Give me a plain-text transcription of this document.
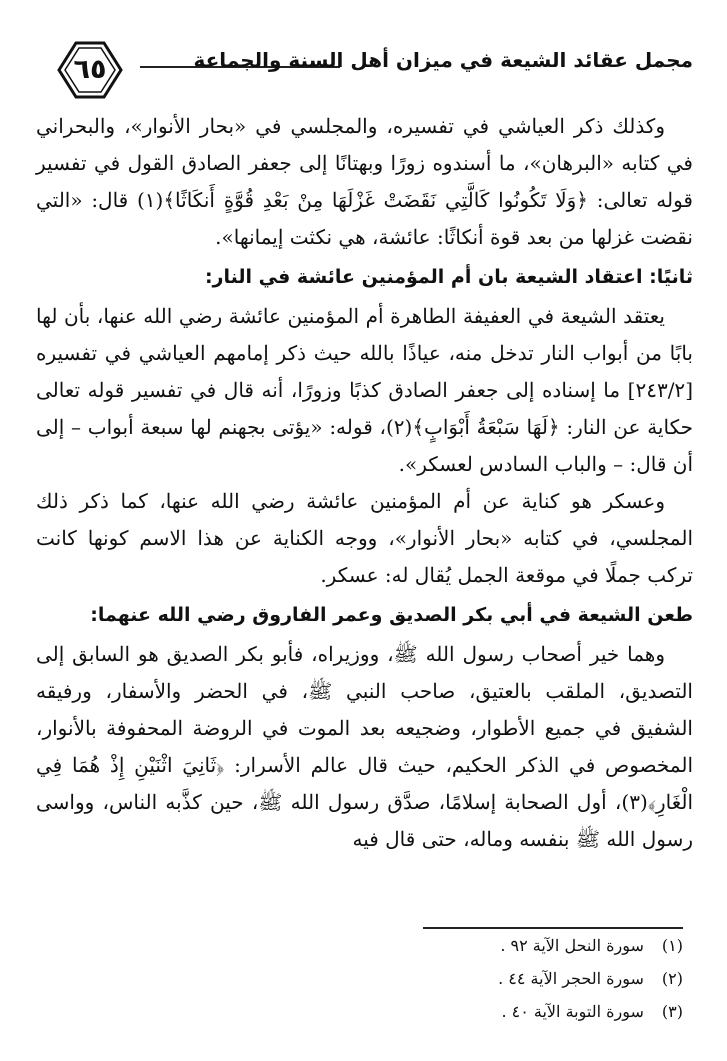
٦٥	مجمل عقائد الشيعة في ميزان أهل السنة والجماعة

وكذلك ذكر العياشي في تفسيره، والمجلسي في «بحار الأنوار»، والبحراني في كتابه «البرهان»، ما أسندوه زورًا وبهتانًا إلى جعفر الصادق القول في تفسير قوله تعالى: ﴿وَلَا تَكُونُوا كَالَّتِي نَقَضَتْ غَزْلَهَا مِنْ بَعْدِ قُوَّةٍ أَنكَاثًا﴾(١) قال: «التي نقضت غزلها من بعد قوة أنكاثًا: عائشة، هي نكثت إيمانها».

ثانيًا: اعتقاد الشيعة بان أم المؤمنين عائشة في النار:

يعتقد الشيعة في العفيفة الطاهرة أم المؤمنين عائشة رضي الله عنها، بأن لها بابًا من أبواب النار تدخل منه، عياذًا بالله حيث ذكر إمامهم العياشي في تفسيره [٢٤٣/٢] ما إسناده إلى جعفر الصادق كذبًا وزورًا، أنه قال في تفسير قوله تعالى حكاية عن النار: ﴿لَهَا سَبْعَةُ أَبْوَابٍ﴾(٢)، قوله: «يؤتى بجهنم لها سبعة أبواب – إلى أن قال: – والباب السادس لعسكر».

وعسكر هو كناية عن أم المؤمنين عائشة رضي الله عنها، كما ذكر ذلك المجلسي، في كتابه «بحار الأنوار»، ووجه الكناية عن هذا الاسم كونها كانت تركب جملًا في موقعة الجمل يُقال له: عسكر.

طعن الشيعة في أبي بكر الصديق وعمر الفاروق رضي الله عنهما:

وهما خير أصحاب رسول الله ﷺ، ووزيراه، فأبو بكر الصديق هو السابق إلى التصديق، الملقب بالعتيق، صاحب النبي ﷺ، في الحضر والأسفار، ورفيقه الشفيق في جميع الأطوار، وضجيعه بعد الموت في الروضة المحفوفة بالأنوار، المخصوص في الذكر الحكيم، حيث قال عالم الأسرار: ﴿ثَانِيَ اثْنَيْنِ إِذْ هُمَا فِي الْغَارِ﴾(٣)، أول الصحابة إسلامًا، صدَّق رسول الله ﷺ، حين كذَّبه الناس، وواسى رسول الله ﷺ بنفسه وماله، حتى قال فيه

(١) سورة النحل الآية ٩٢ .
(٢) سورة الحجر الآية ٤٤ .
(٣) سورة التوبة الآية ٤٠ .
